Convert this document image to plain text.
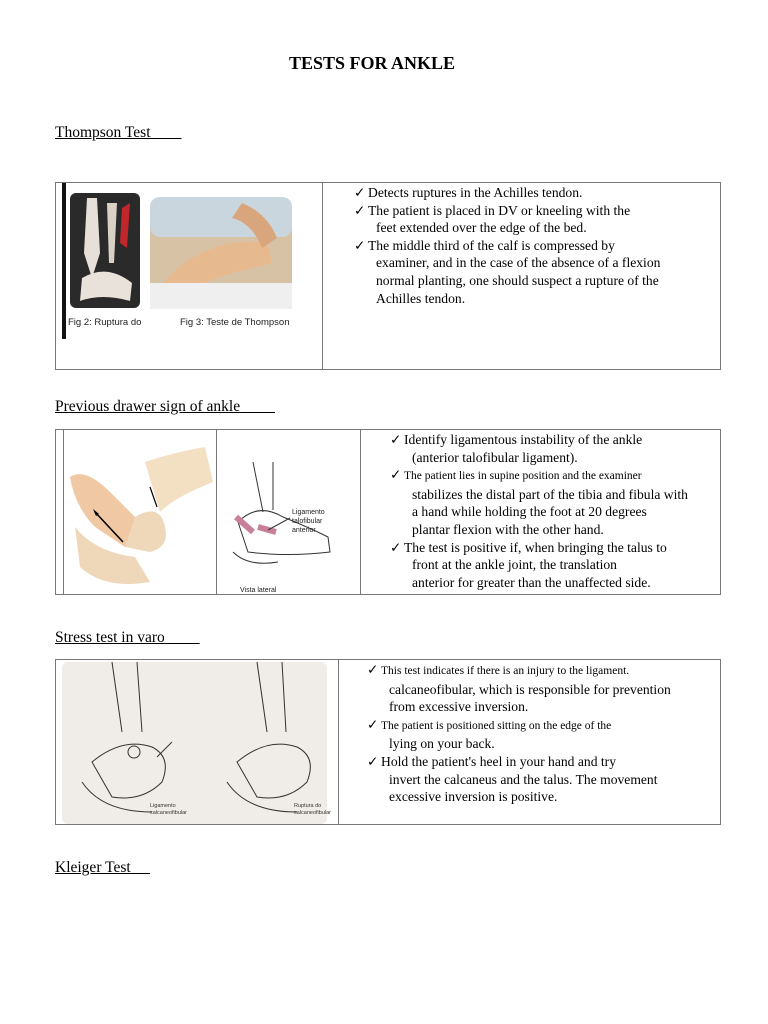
TESTS FOR ANKLE
Thompson Test
Fig 2: Ruptura do	Fig 3: Teste de Thompson
✓ Detects ruptures in the Achilles tendon.
✓ The patient is placed in DV or kneeling with the
feet extended over the edge of the bed.
✓ The middle third of the calf is compressed by
examiner, and in the case of the absence of a flexion
normal planting, one should suspect a rupture of the
Achilles tendon.
Previous drawer sign of ankle
Ligamento
talofibular
anterior
Vista lateral
✓ Identify ligamentous instability of the ankle
(anterior talofibular ligament).
✓ The patient lies in supine position and the examiner
stabilizes the distal part of the tibia and fibula with
a hand while holding the foot at 20 degrees
plantar flexion with the other hand.
✓ The test is positive if, when bringing the talus to
front at the ankle joint, the translation
anterior for greater than the unaffected side.
Stress test in varo
Ligamento
calcaneofibular
Ruptura do
calcaneofibular
✓ This test indicates if there is an injury to the ligament.
calcaneofibular, which is responsible for prevention
from excessive inversion.
✓ The patient is positioned sitting on the edge of the
lying on your back.
✓ Hold the patient's heel in your hand and try
invert the calcaneus and the talus. The movement
excessive inversion is positive.
Kleiger Test
